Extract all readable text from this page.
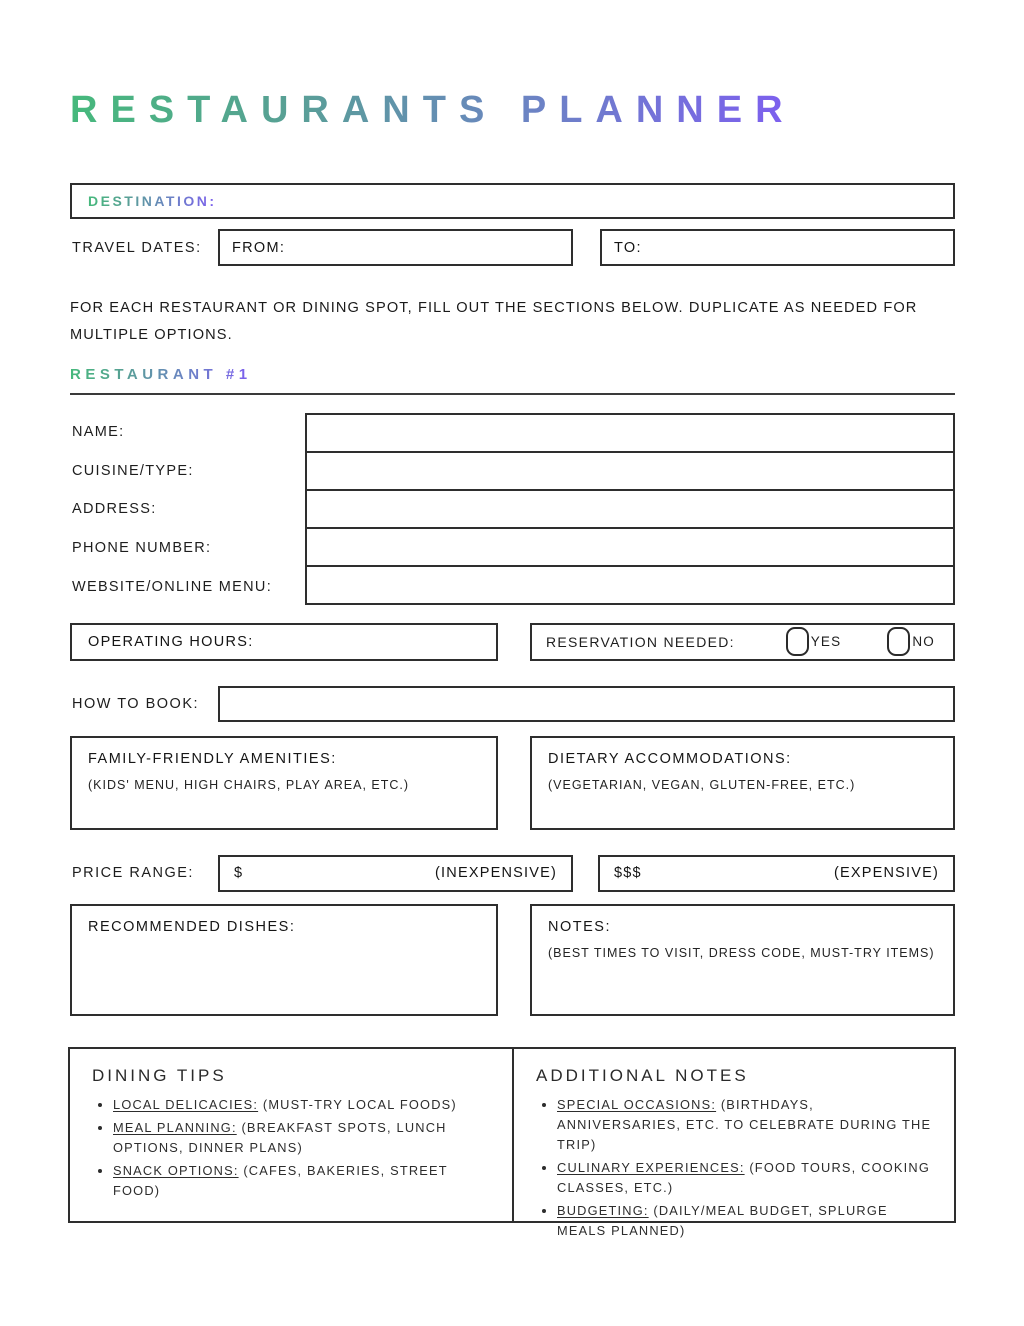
RESTAURANTS PLANNER
DESTINATION:
TRAVEL DATES:	FROM:	TO:

FOR EACH RESTAURANT OR DINING SPOT, FILL OUT THE SECTIONS BELOW. DUPLICATE AS NEEDED FOR MULTIPLE OPTIONS.

RESTAURANT #1
NAME:
CUISINE/TYPE:
ADDRESS:
PHONE NUMBER:
WEBSITE/ONLINE MENU:
OPERATING HOURS:	RESERVATION NEEDED:	YES	NO
HOW TO BOOK:
FAMILY-FRIENDLY AMENITIES:
(KIDS' MENU, HIGH CHAIRS, PLAY AREA, ETC.)
DIETARY ACCOMMODATIONS:
(VEGETARIAN, VEGAN, GLUTEN-FREE, ETC.)
PRICE RANGE:	$	(INEXPENSIVE)	$$$	(EXPENSIVE)
RECOMMENDED DISHES:	NOTES:
(BEST TIMES TO VISIT, DRESS CODE, MUST-TRY ITEMS)
DINING TIPS
• LOCAL DELICACIES: (MUST-TRY LOCAL FOODS)
• MEAL PLANNING: (BREAKFAST SPOTS, LUNCH OPTIONS, DINNER PLANS)
• SNACK OPTIONS: (CAFES, BAKERIES, STREET FOOD)
ADDITIONAL NOTES
• SPECIAL OCCASIONS: (BIRTHDAYS, ANNIVERSARIES, ETC. TO CELEBRATE DURING THE TRIP)
• CULINARY EXPERIENCES: (FOOD TOURS, COOKING CLASSES, ETC.)
• BUDGETING: (DAILY/MEAL BUDGET, SPLURGE MEALS PLANNED)
